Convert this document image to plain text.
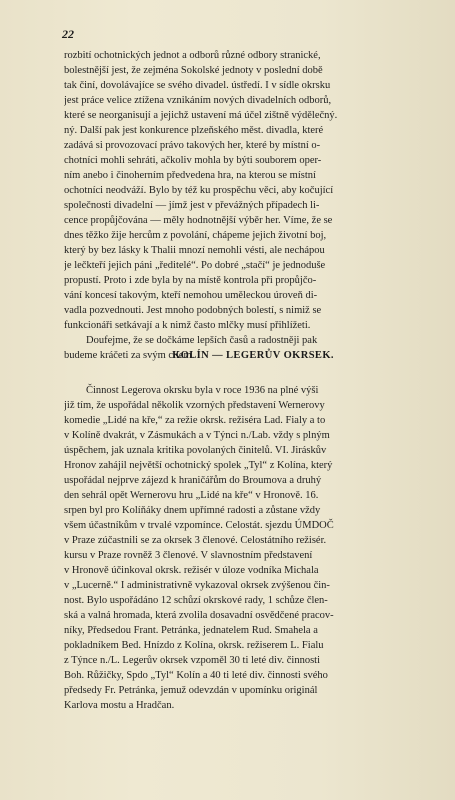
22
rozbití ochotnických jednot a odborů různé odbory stranické,
bolestnější jest, že zejména Sokolské jednoty v poslední době
tak činí, dovolávajíce se svého divadel. ústředí. I v sídle okrsku
jest práce velice ztížena vznikáním nových divadelních odborů,
které se neorganisují a jejichž ustavení má účel zištně výdělečný.
ný. Další pak jest konkurence plzeňského měst. divadla, které
zadává si provozovací právo takových her, které by místní o-
chotníci mohli sehráti, ačkoliv mohla by býti souborem oper-
ním anebo i činoherním předvedena hra, na kterou se místní
ochotníci neodváží. Bylo by též ku prospěchu věci, aby kočující
společnosti divadelní — jímž jest v převážných případech li-
cence propůjčována — měly hodnotnější výběr her. Víme, že se
dnes těžko žije hercům z povolání, chápeme jejich životní boj,
který by bez lásky k Thalii mnozí nemohli vésti, ale nechápou
je lečkteří jejich páni „ředitelé“. Po dobré „stačí“ je jednoduše
propustí. Proto i zde byla by na místě kontrola při propůjčo-
vání koncesí takovým, kteří nemohou uměleckou úroveň di-
vadla pozvednouti. Jest mnoho podobných bolestí, s nimiž se
funkcionáři setkávají a k nimž často mlčky musí přihlížeti.
Doufejme, že se dočkáme lepších časů a radostněji pak
budeme kráčeti za svým cílem.
KOLÍN — LEGERŮV OKRSEK.
Činnost Legerova okrsku byla v roce 1936 na plné výši
již tím, že uspořádal několik vzorných představení Wernerovy
komedie „Lidé na kře,“ za režie okrsk. režiséra Lad. Fialy a to
v Kolíně dvakrát, v Zásmukách a v Týnci n./Lab. vždy s plným
úspěchem, jak uznala kritika povolaných činitelů. VI. Jiráskův
Hronov zahájil největší ochotnický spolek „Tyl“ z Kolína, který
uspořádal nejprve zájezd k hraničářům do Broumova a druhý
den sehrál opět Wernerovu hru „Lidé na kře“ v Hronově. 16.
srpen byl pro Kolíňáky dnem upřímné radosti a zůstane vždy
všem účastníkům v trvalé vzpomínce. Celostát. sjezdu ÚMDOČ
v Praze zúčastnili se za okrsek 3 členové. Celostátního režisér.
kursu v Praze rovněž 3 členové. V slavnostním představení
v Hronově účinkoval okrsk. režisér v úloze vodníka Michala
v „Lucerně.“ I administrativně vykazoval okrsek zvýšenou čin-
nost. Bylo uspořádáno 12 schůzí okrskové rady, 1 schůze člen-
ská a valná hromada, která zvolila dosavadní osvědčené pracov-
níky, Předsedou Frant. Petránka, jednatelem Rud. Smahela a
pokladníkem Bed. Hnízdo z Kolína, okrsk. režiserem L. Fialu
z Týnce n./L. Legerův okrsek vzpoměl 30 ti leté div. činnosti
Boh. Růžičky, Spdo „Tyl“ Kolín a 40 ti leté div. činnosti svého
předsedy Fr. Petránka, jemuž odevzdán v upomínku originál
Karlova mostu a Hradčan.
